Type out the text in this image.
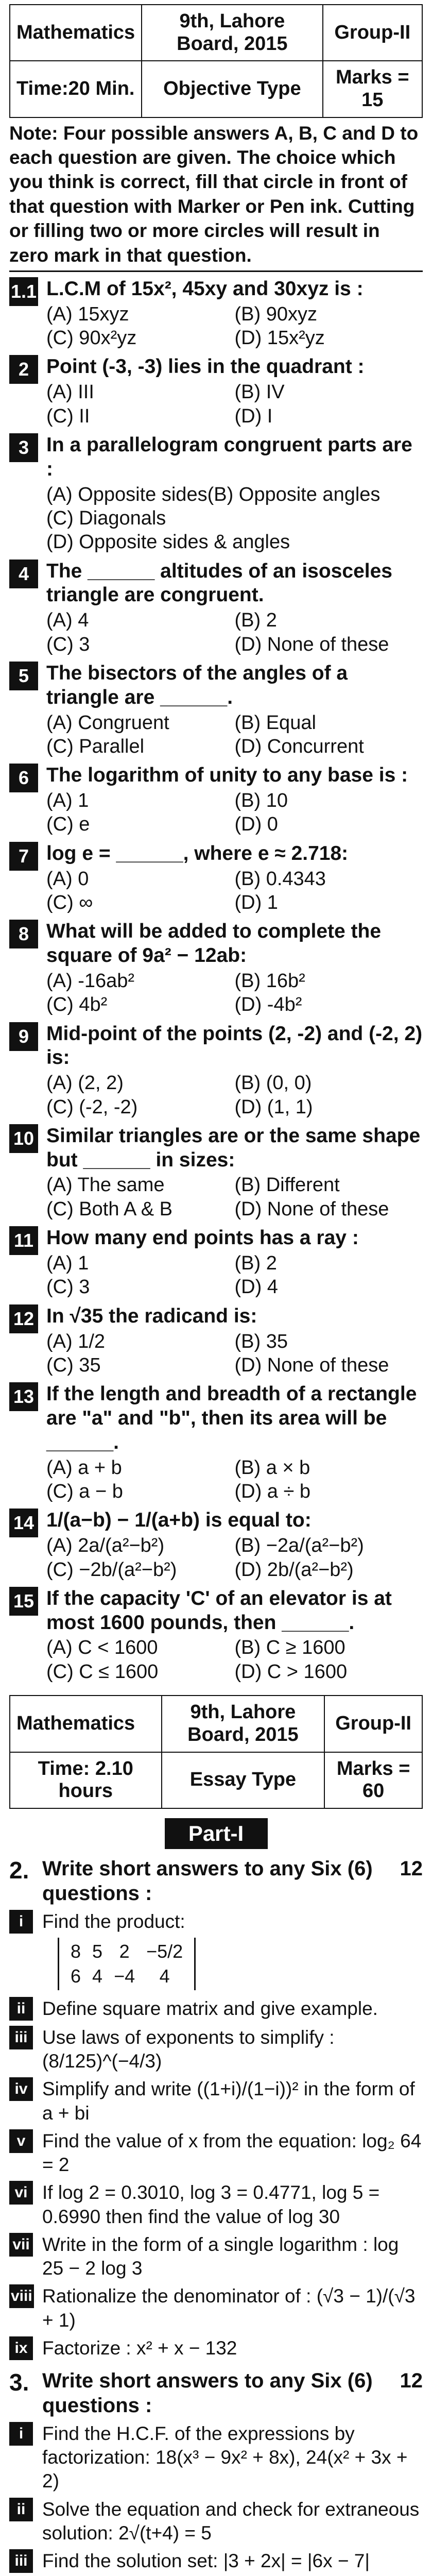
Mathematics	9th, Lahore Board, 2015	Group-II
Time:20 Min.	Objective Type	Marks = 15
Note: Four possible answers A, B, C and D to each question are given. The choice which you think is correct, fill that circle in front of that question with Marker or Pen ink. Cutting or filling two or more circles will result in zero mark in that question.
1.1 L.C.M of 15x², 45xy and 30xyz is :
(A) 15xyz	(B) 90xyz
(C) 90x²yz	(D) 15x²yz
2 Point (-3, -3) lies in the quadrant :
(A) III	(B) IV
(C) II	(D) I
3 In a parallelogram congruent parts are :
(A) Opposite sides(B) Opposite angles
(C) Diagonals
(D) Opposite sides & angles
4 The ______ altitudes of an isosceles triangle are congruent.
(A) 4	(B) 2
(C) 3	(D) None of these
5 The bisectors of the angles of a triangle are ______.
(A) Congruent	(B) Equal
(C) Parallel	(D) Concurrent
6 The logarithm of unity to any base is :
(A) 1	(B) 10
(C) e	(D) 0
7 log e = ______, where e ≈ 2.718:
(A) 0	(B) 0.4343
(C) ∞	(D) 1
8 What will be added to complete the square of 9a² − 12ab:
(A) -16ab²	(B) 16b²
(C) 4b²	(D) -4b²
9 Mid-point of the points (2, -2) and (-2, 2) is:
(A) (2, 2)	(B) (0, 0)
(C) (-2, -2)	(D) (1, 1)
10 Similar triangles are or the same shape but ______ in sizes:
(A) The same	(B) Different
(C) Both A & B	(D) None of these
11 How many end points has a ray :
(A) 1	(B) 2
(C) 3	(D) 4
12 In √35 the radicand is:
(A) 1/2	(B) 35
(C) 35	(D) None of these
13 If the length and breadth of a rectangle are "a" and "b", then its area will be ______.
(A) a + b	(B) a × b
(C) a − b	(D) a ÷ b
14 1/(a−b) − 1/(a+b) is equal to:
(A) 2a/(a²−b²)	(B) −2a/(a²−b²)
(C) −2b/(a²−b²)	(D) 2b/(a²−b²)
15 If the capacity 'C' of an elevator is at most 1600 pounds, then ______.
(A) C < 1600	(B) C ≥ 1600
(C) C ≤ 1600	(D) C > 1600
Mathematics	9th, Lahore Board, 2015	Group-II
Time: 2.10 hours	Essay Type	Marks = 60
Part-I
2.	12
Write short answers to any Six (6) questions :
i Find the product:
8	5	2	−5/2
6	4	−4	4
ii Define square matrix and give example.
iii Use laws of exponents to simplify : (8/125)^(−4/3)
iv Simplify and write ((1+i)/(1−i))² in the form of a + bi
v Find the value of x from the equation: log₂ 64 = 2
vi If log 2 = 0.3010, log 3 = 0.4771, log 5 = 0.6990 then find the value of log 30
vii Write in the form of a single logarithm : log 25 − 2 log 3
viii Rationalize the denominator of : (√3 − 1)/(√3 + 1)
ix Factorize : x² + x − 132
3.	12
Write short answers to any Six (6) questions :
i Find the H.C.F. of the expressions by factorization: 18(x³ − 9x² + 8x), 24(x² + 3x + 2)
ii Solve the equation and check for extraneous solution: 2√(t+4) = 5
iii Find the solution set: |3 + 2x| = |6x − 7|
